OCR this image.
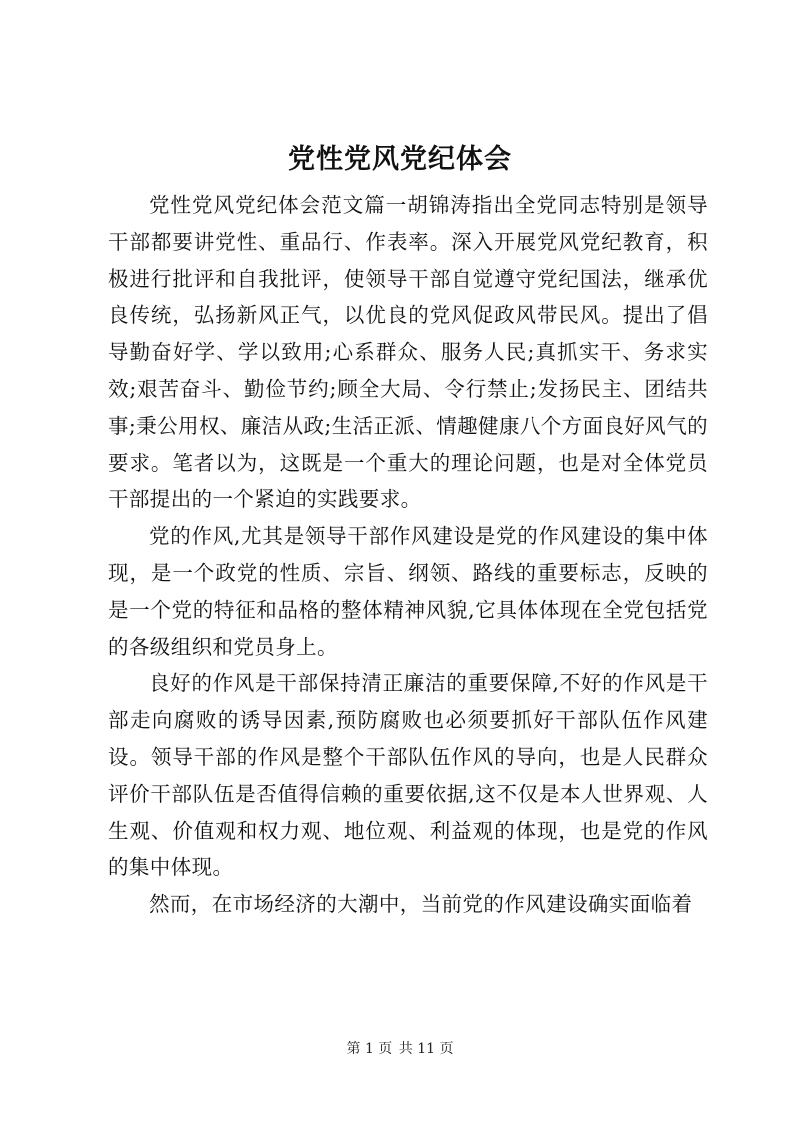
党性党风党纪体会

党性党风党纪体会范文篇一胡锦涛指出全党同志特别是领导干部都要讲党性、重品行、作表率。深入开展党风党纪教育，积极进行批评和自我批评，使领导干部自觉遵守党纪国法，继承优良传统，弘扬新风正气，以优良的党风促政风带民风。提出了倡导勤奋好学、学以致用;心系群众、服务人民;真抓实干、务求实效;艰苦奋斗、勤俭节约;顾全大局、令行禁止;发扬民主、团结共事;秉公用权、廉洁从政;生活正派、情趣健康八个方面良好风气的要求。笔者以为，这既是一个重大的理论问题，也是对全体党员干部提出的一个紧迫的实践要求。

党的作风,尤其是领导干部作风建设是党的作风建设的集中体现，是一个政党的性质、宗旨、纲领、路线的重要标志，反映的是一个党的特征和品格的整体精神风貌,它具体体现在全党包括党的各级组织和党员身上。

良好的作风是干部保持清正廉洁的重要保障,不好的作风是干部走向腐败的诱导因素,预防腐败也必须要抓好干部队伍作风建设。领导干部的作风是整个干部队伍作风的导向，也是人民群众评价干部队伍是否值得信赖的重要依据,这不仅是本人世界观、人生观、价值观和权力观、地位观、利益观的体现，也是党的作风的集中体现。

然而，在市场经济的大潮中，当前党的作风建设确实面临着

第 1 页 共 11 页
